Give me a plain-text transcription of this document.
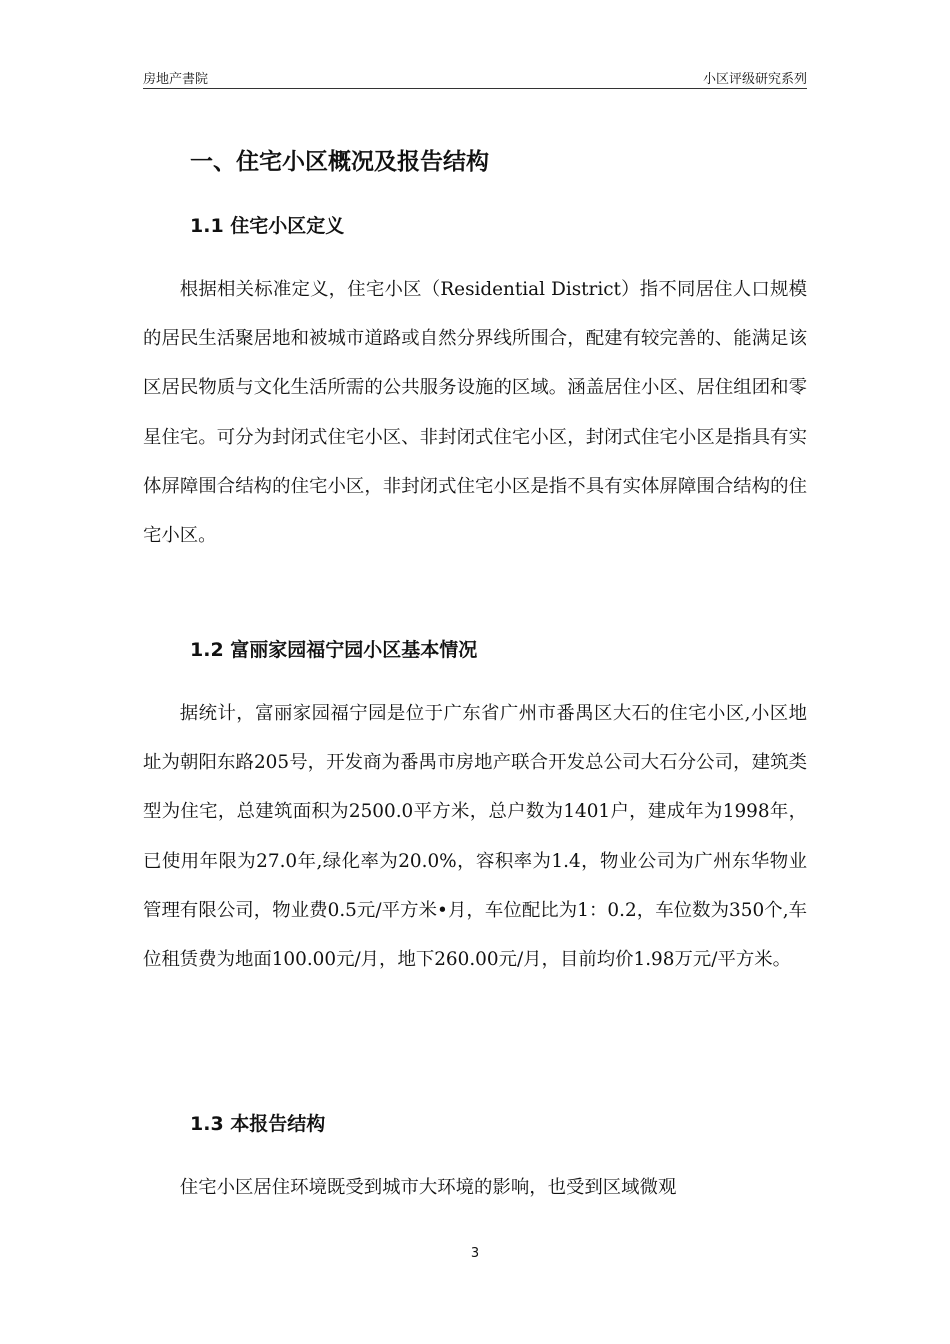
房地产書院	小区评级研究系列
一、住宅小区概况及报告结构
1.1 住宅小区定义

根据相关标准定义，住宅小区（Residential District）指不同居住人口规模的居民生活聚居地和被城市道路或自然分界线所围合，配建有较完善的、能满足该区居民物质与文化生活所需的公共服务设施的区域。涵盖居住小区、居住组团和零星住宅。可分为封闭式住宅小区、非封闭式住宅小区，封闭式住宅小区是指具有实体屏障围合结构的住宅小区，非封闭式住宅小区是指不具有实体屏障围合结构的住宅小区。

1.2 富丽家园福宁园小区基本情况

据统计，富丽家园福宁园是位于广东省广州市番禺区大石的住宅小区,小区地址为朝阳东路205号，开发商为番禺市房地产联合开发总公司大石分公司，建筑类型为住宅，总建筑面积为2500.0平方米，总户数为1401户，建成年为1998年，已使用年限为27.0年,绿化率为20.0%，容积率为1.4，物业公司为广州东华物业管理有限公司，物业费0.5元/平方米•月，车位配比为1：0.2，车位数为350个,车位租赁费为地面100.00元/月，地下260.00元/月，目前均价1.98万元/平方米。

1.3 本报告结构

住宅小区居住环境既受到城市大环境的影响，也受到区域微观

3
